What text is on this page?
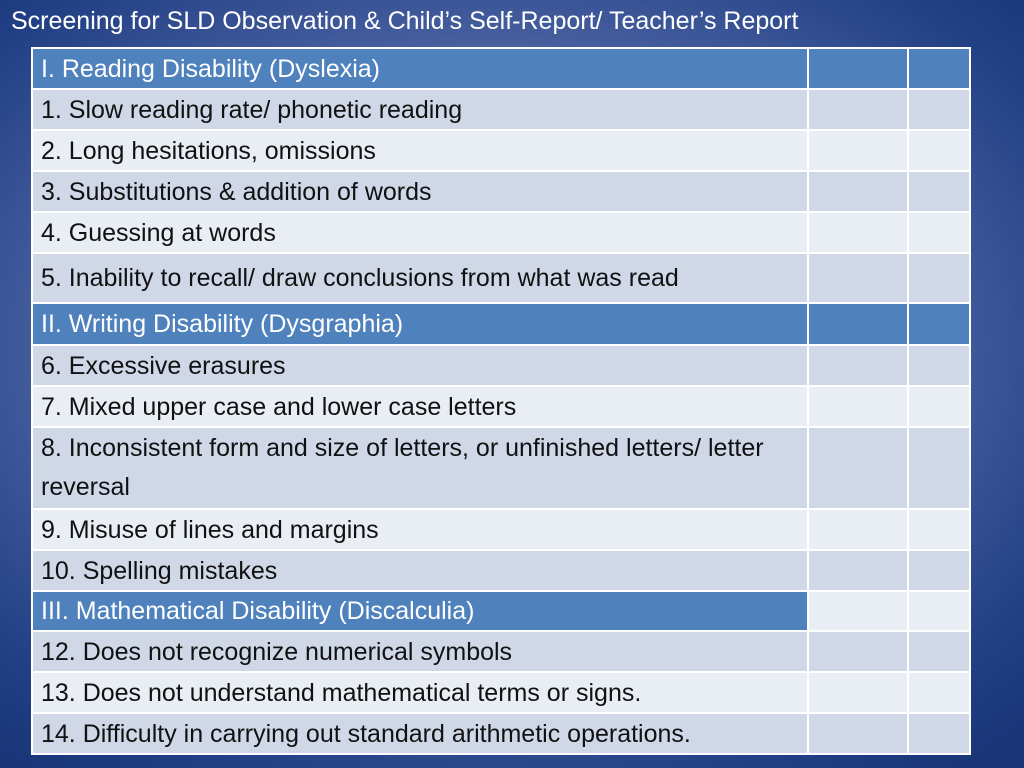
Screening for SLD Observation & Child’s Self-Report/ Teacher’s Report
I. Reading Disability (Dyslexia)		
1. Slow reading rate/ phonetic reading		
2. Long hesitations, omissions		
3. Substitutions & addition of words		
4. Guessing at words		
5. Inability to recall/ draw conclusions from what was read		
II. Writing Disability (Dysgraphia)		
6. Excessive erasures		
7. Mixed upper case and lower case letters		
8. Inconsistent form and size of letters, or unfinished letters/ letter reversal		
9. Misuse of lines and margins		
10. Spelling mistakes		
III. Mathematical Disability (Discalculia)		
12. Does not recognize numerical symbols		
13. Does not understand mathematical terms or signs.		
14. Difficulty in carrying out standard arithmetic operations.		
